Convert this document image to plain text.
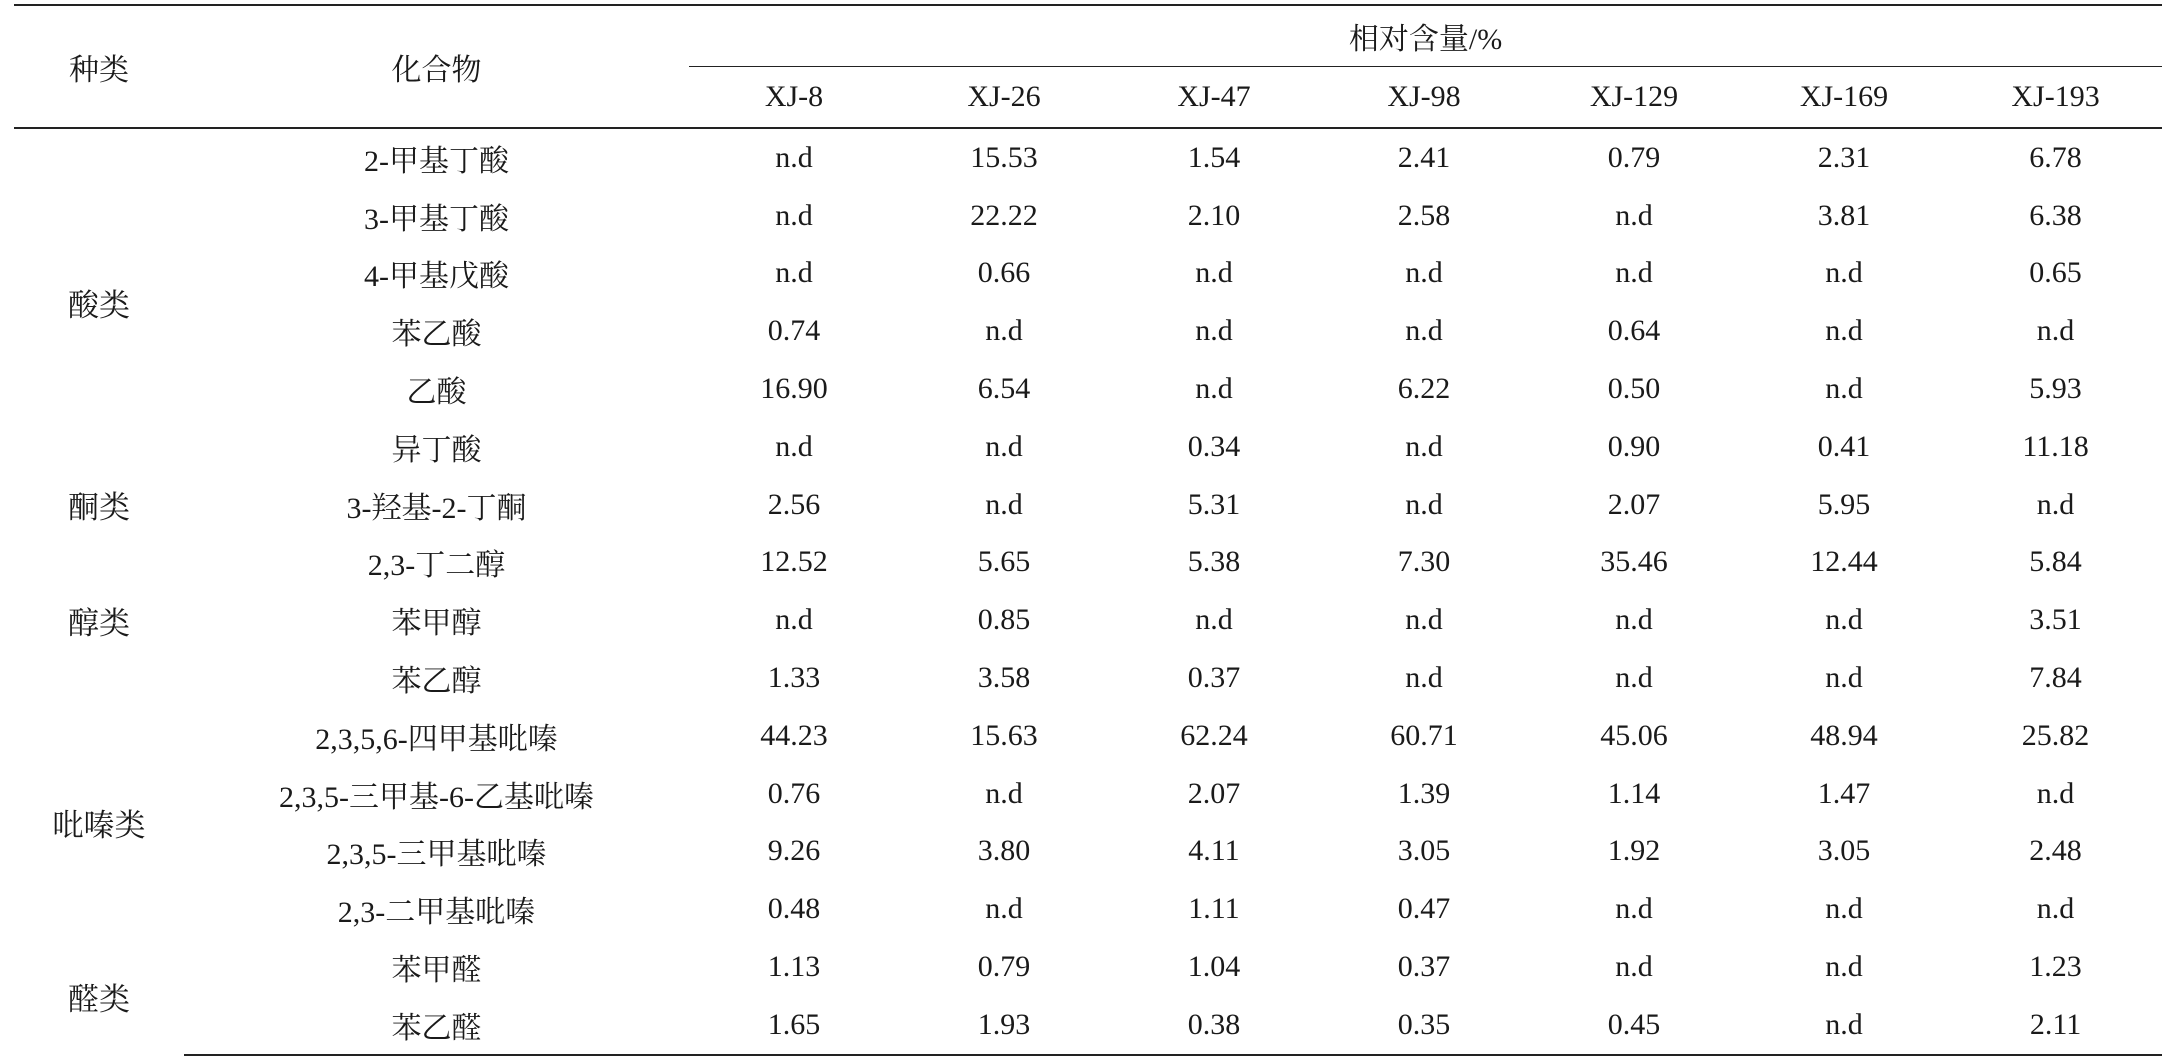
种类	化合物	相对含量/%						
		XJ-8	XJ-26	XJ-47	XJ-98	XJ-129	XJ-169	XJ-193
酸类	2-甲基丁酸	n.d	15.53	1.54	2.41	0.79	2.31	6.78
	3-甲基丁酸	n.d	22.22	2.10	2.58	n.d	3.81	6.38
	4-甲基戊酸	n.d	0.66	n.d	n.d	n.d	n.d	0.65
	苯乙酸	0.74	n.d	n.d	n.d	0.64	n.d	n.d
	乙酸	16.90	6.54	n.d	6.22	0.50	n.d	5.93
	异丁酸	n.d	n.d	0.34	n.d	0.90	0.41	11.18
酮类	3-羟基-2-丁酮	2.56	n.d	5.31	n.d	2.07	5.95	n.d
醇类	2,3-丁二醇	12.52	5.65	5.38	7.30	35.46	12.44	5.84
	苯甲醇	n.d	0.85	n.d	n.d	n.d	n.d	3.51
	苯乙醇	1.33	3.58	0.37	n.d	n.d	n.d	7.84
吡嗪类	2,3,5,6-四甲基吡嗪	44.23	15.63	62.24	60.71	45.06	48.94	25.82
	2,3,5-三甲基-6-乙基吡嗪	0.76	n.d	2.07	1.39	1.14	1.47	n.d
	2,3,5-三甲基吡嗪	9.26	3.80	4.11	3.05	1.92	3.05	2.48
	2,3-二甲基吡嗪	0.48	n.d	1.11	0.47	n.d	n.d	n.d
醛类	苯甲醛	1.13	0.79	1.04	0.37	n.d	n.d	1.23
	苯乙醛	1.65	1.93	0.38	0.35	0.45	n.d	2.11
